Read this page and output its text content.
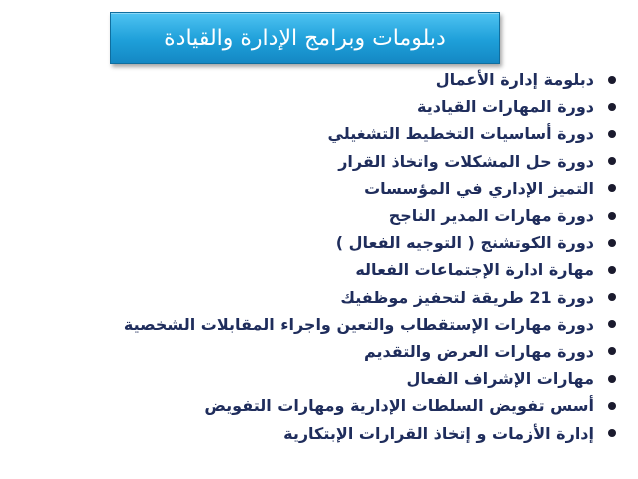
دبلومات وبرامج الإدارة والقيادة
دبلومة إدارة الأعمال
دورة المهارات القيادية
دورة أساسيات التخطيط التشغيلي
دورة حل المشكلات واتخاذ القرار
التميز الإداري في المؤسسات
دورة مهارات المدير الناجح
دورة الكوتشنج ( التوجيه الفعال )
مهارة ادارة الإجتماعات الفعاله
دورة 21 طريقة لتحفيز موظفيك
دورة مهارات الإستقطاب والتعين واجراء المقابلات الشخصية
دورة مهارات العرض والتقديم
مهارات الإشراف الفعال
أسس تفويض السلطات الإدارية ومهارات التفويض
إدارة الأزمات و إتخاذ القرارات الإبتكارية
